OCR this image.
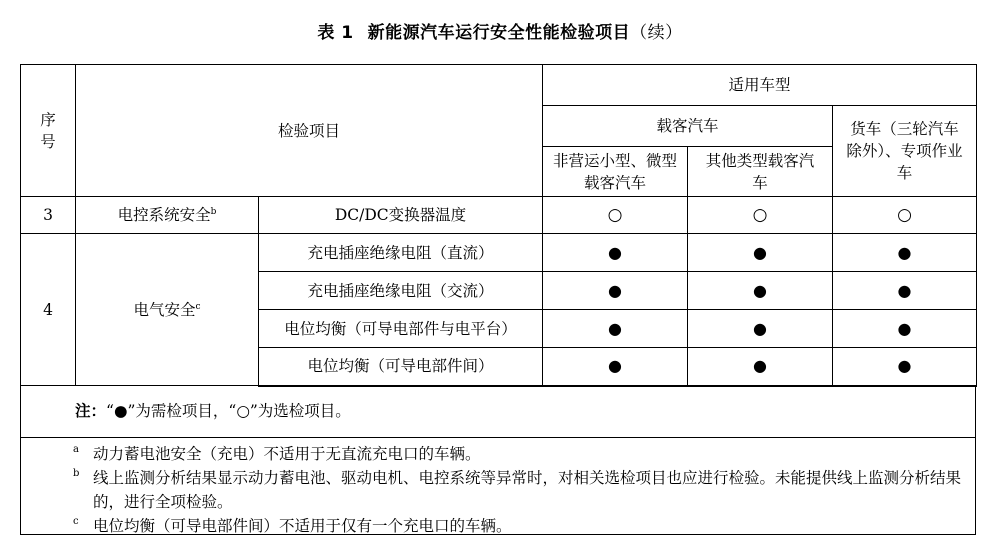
表 1 新能源汽车运行安全性能检验项目（续）
序号	检验项目		适用车型		
			载客汽车		货车（三轮汽车除外）、专项作业车
			非营运小型、微型载客汽车	其他类型载客汽车	
3	电控系统安全$^b$	DC/DC变换器温度	○	○	○
4	电气安全$^c$	充电插座绝缘电阻（直流）	●	●	●
		充电插座绝缘电阻（交流）	●	●	●
		电位均衡（可导电部件与电平台）	●	●	●
		电位均衡（可导电部件间）	●	●	●
注：“●”为需检项目，“○”为选检项目。
a 动力蓄电池安全（充电）不适用于无直流充电口的车辆。
b 线上监测分析结果显示动力蓄电池、驱动电机、电控系统等异常时，对相关选检项目也应进行检验。未能提供线上监测分析结果的，进行全项检验。
c 电位均衡（可导电部件间）不适用于仅有一个充电口的车辆。
